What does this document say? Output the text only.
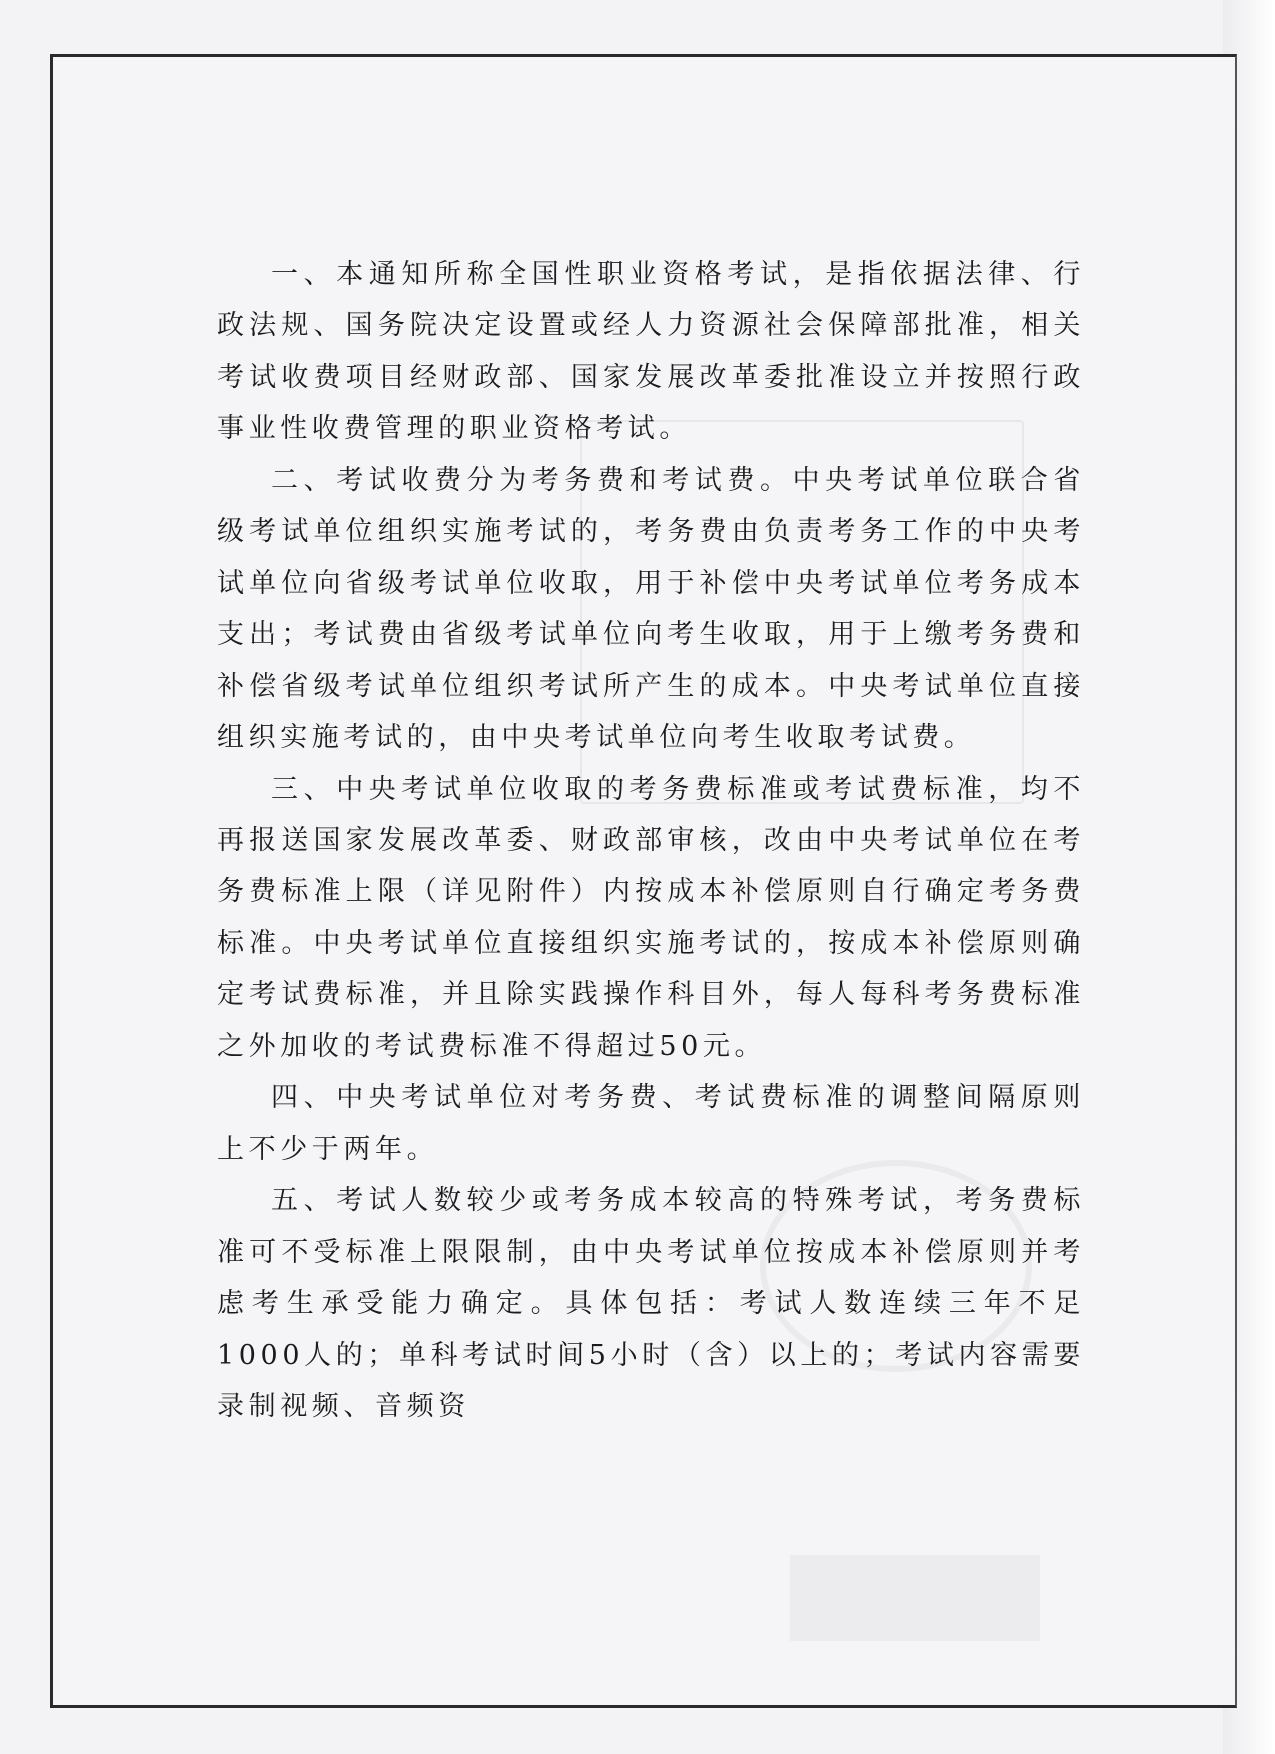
一、本通知所称全国性职业资格考试，是指依据法律、行政法规、国务院决定设置或经人力资源社会保障部批准，相关考试收费项目经财政部、国家发展改革委批准设立并按照行政事业性收费管理的职业资格考试。

二、考试收费分为考务费和考试费。中央考试单位联合省级考试单位组织实施考试的，考务费由负责考务工作的中央考试单位向省级考试单位收取，用于补偿中央考试单位考务成本支出；考试费由省级考试单位向考生收取，用于上缴考务费和补偿省级考试单位组织考试所产生的成本。中央考试单位直接组织实施考试的，由中央考试单位向考生收取考试费。

三、中央考试单位收取的考务费标准或考试费标准，均不再报送国家发展改革委、财政部审核，改由中央考试单位在考务费标准上限（详见附件）内按成本补偿原则自行确定考务费标准。中央考试单位直接组织实施考试的，按成本补偿原则确定考试费标准，并且除实践操作科目外，每人每科考务费标准之外加收的考试费标准不得超过50元。

四、中央考试单位对考务费、考试费标准的调整间隔原则上不少于两年。

五、考试人数较少或考务成本较高的特殊考试，考务费标准可不受标准上限限制，由中央考试单位按成本补偿原则并考虑考生承受能力确定。具体包括：考试人数连续三年不足1000人的；单科考试时间5小时（含）以上的；考试内容需要录制视频、音频资
